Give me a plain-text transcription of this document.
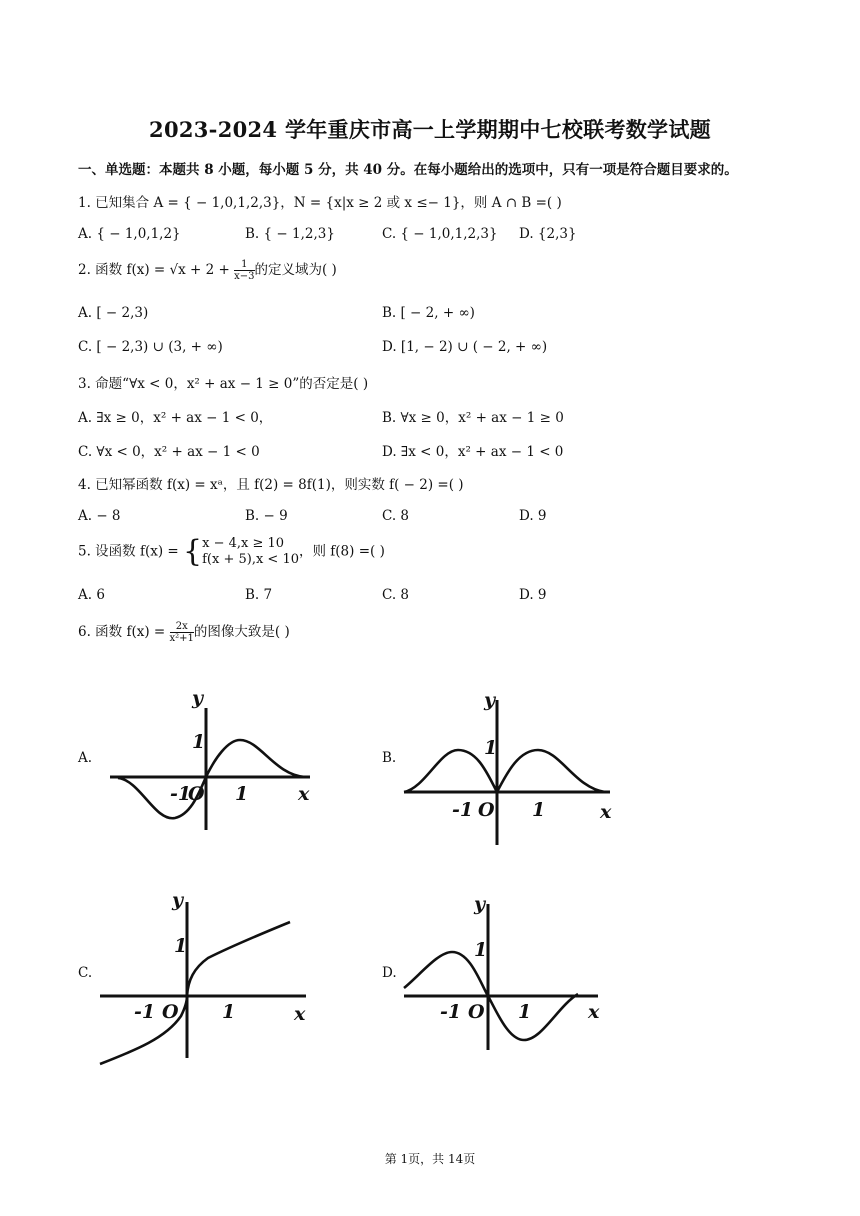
2023-2024 学年重庆市高一上学期期中七校联考数学试题
一、单选题：本题共 8 小题，每小题 5 分，共 40 分。在每小题给出的选项中，只有一项是符合题目要求的。
1. 已知集合 A = { − 1,0,1,2,3}，N = {x|x ≥ 2 或 x ≤− 1}，则 A ∩ B =( )
A. { − 1,0,1,2}	B. { − 1,2,3}	C. { − 1,0,1,2,3} D. {2,3}
2. 函数 $f(x) = √x + 2 + \frac{1}{x-3}$ 的定义域为( )
A. [ − 2,3)	B. [ − 2, + ∞)
C. [ − 2,3) ∪ (3, + ∞)	D. [1, − 2) ∪ ( − 2, + ∞)
3. 命题“∀x < 0，x² + ax − 1 ≥ 0”的否定是( )
A. ∃x ≥ 0，x² + ax − 1 < 0，	B. ∀x ≥ 0，x² + ax − 1 ≥ 0
C. ∀x < 0，x² + ax − 1 < 0	D. ∃x < 0，x² + ax − 1 < 0
4. 已知幂函数 f(x) = xᵃ，且 f(2) = 8f(1)，则实数 f( − 2) =( )
A. − 8	B. − 9	C. 8	D. 9
5. 设函数 f(x) = { x − 4,x ≥ 10
f(x + 5),x < 10 ，则 f(8) =( )
A. 6	B. 7	C. 8	D. 9
6. 函数 $f(x) = \frac{2x}{\text{x²+1}}$ 的图像大致是( )
A.
y
x
1
1
-1
O
B.
y
x
1
1
-1 O
C.
y
x
1
1
-1 O
D.
y
x
1
1
-1 O
第 1页，共 14页
